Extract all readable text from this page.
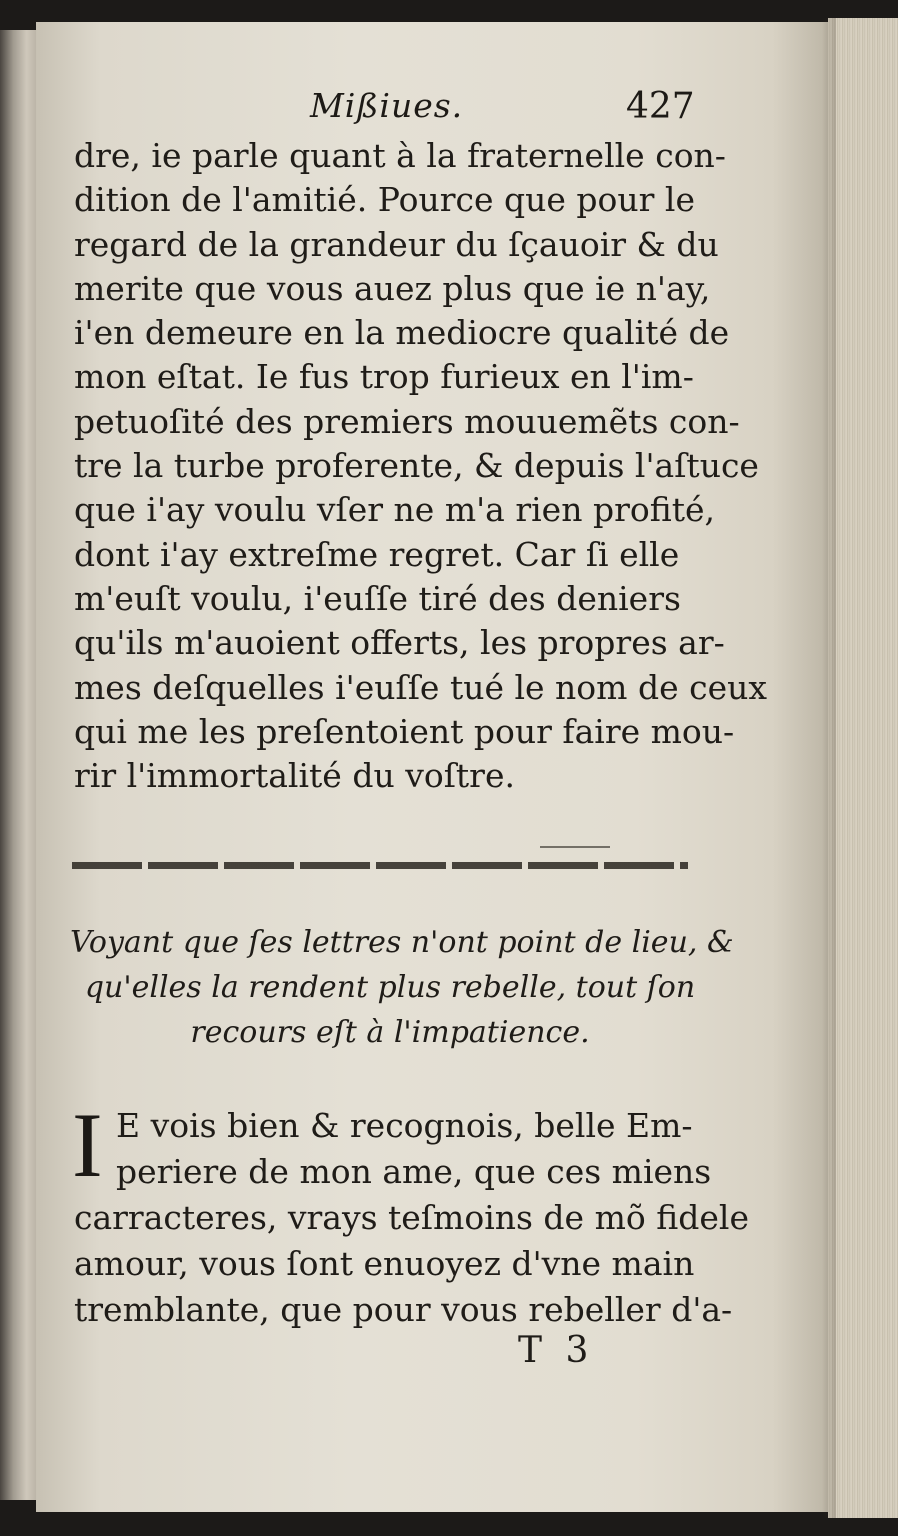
Mißiues.	427
dre, ie parle quant à la fraternelle con-
dition de l'amitié. Pource que pour le
regard de la grandeur du ſçauoir & du
merite que vous auez plus que ie n'ay,
i'en demeure en la mediocre qualité de
mon eſtat. Ie fus trop furieux en l'im-
petuoſité des premiers mouuemẽts con-
tre la turbe proferente, & depuis l'aſtuce
que i'ay voulu vſer ne m'a rien profité,
dont i'ay extreſme regret. Car ſi elle
m'euſt voulu, i'euſſe tiré des deniers
qu'ils m'auoient offerts, les propres ar-
mes deſquelles i'euſſe tué le nom de ceux
qui me les preſentoient pour faire mou-
rir l'immortalité du voſtre.
Voyant que ſes lettres n'ont point de lieu, &
qu'elles la rendent plus rebelle, tout ſon
recours eſt à l'impatience.
I E vois bien & recognois, belle Em-
periere de mon ame, que ces miens
carracteres, vrays teſmoins de mõ fidele
amour, vous ſont enuoyez d'vne main
tremblante, que pour vous rebeller d'a-
T 3
